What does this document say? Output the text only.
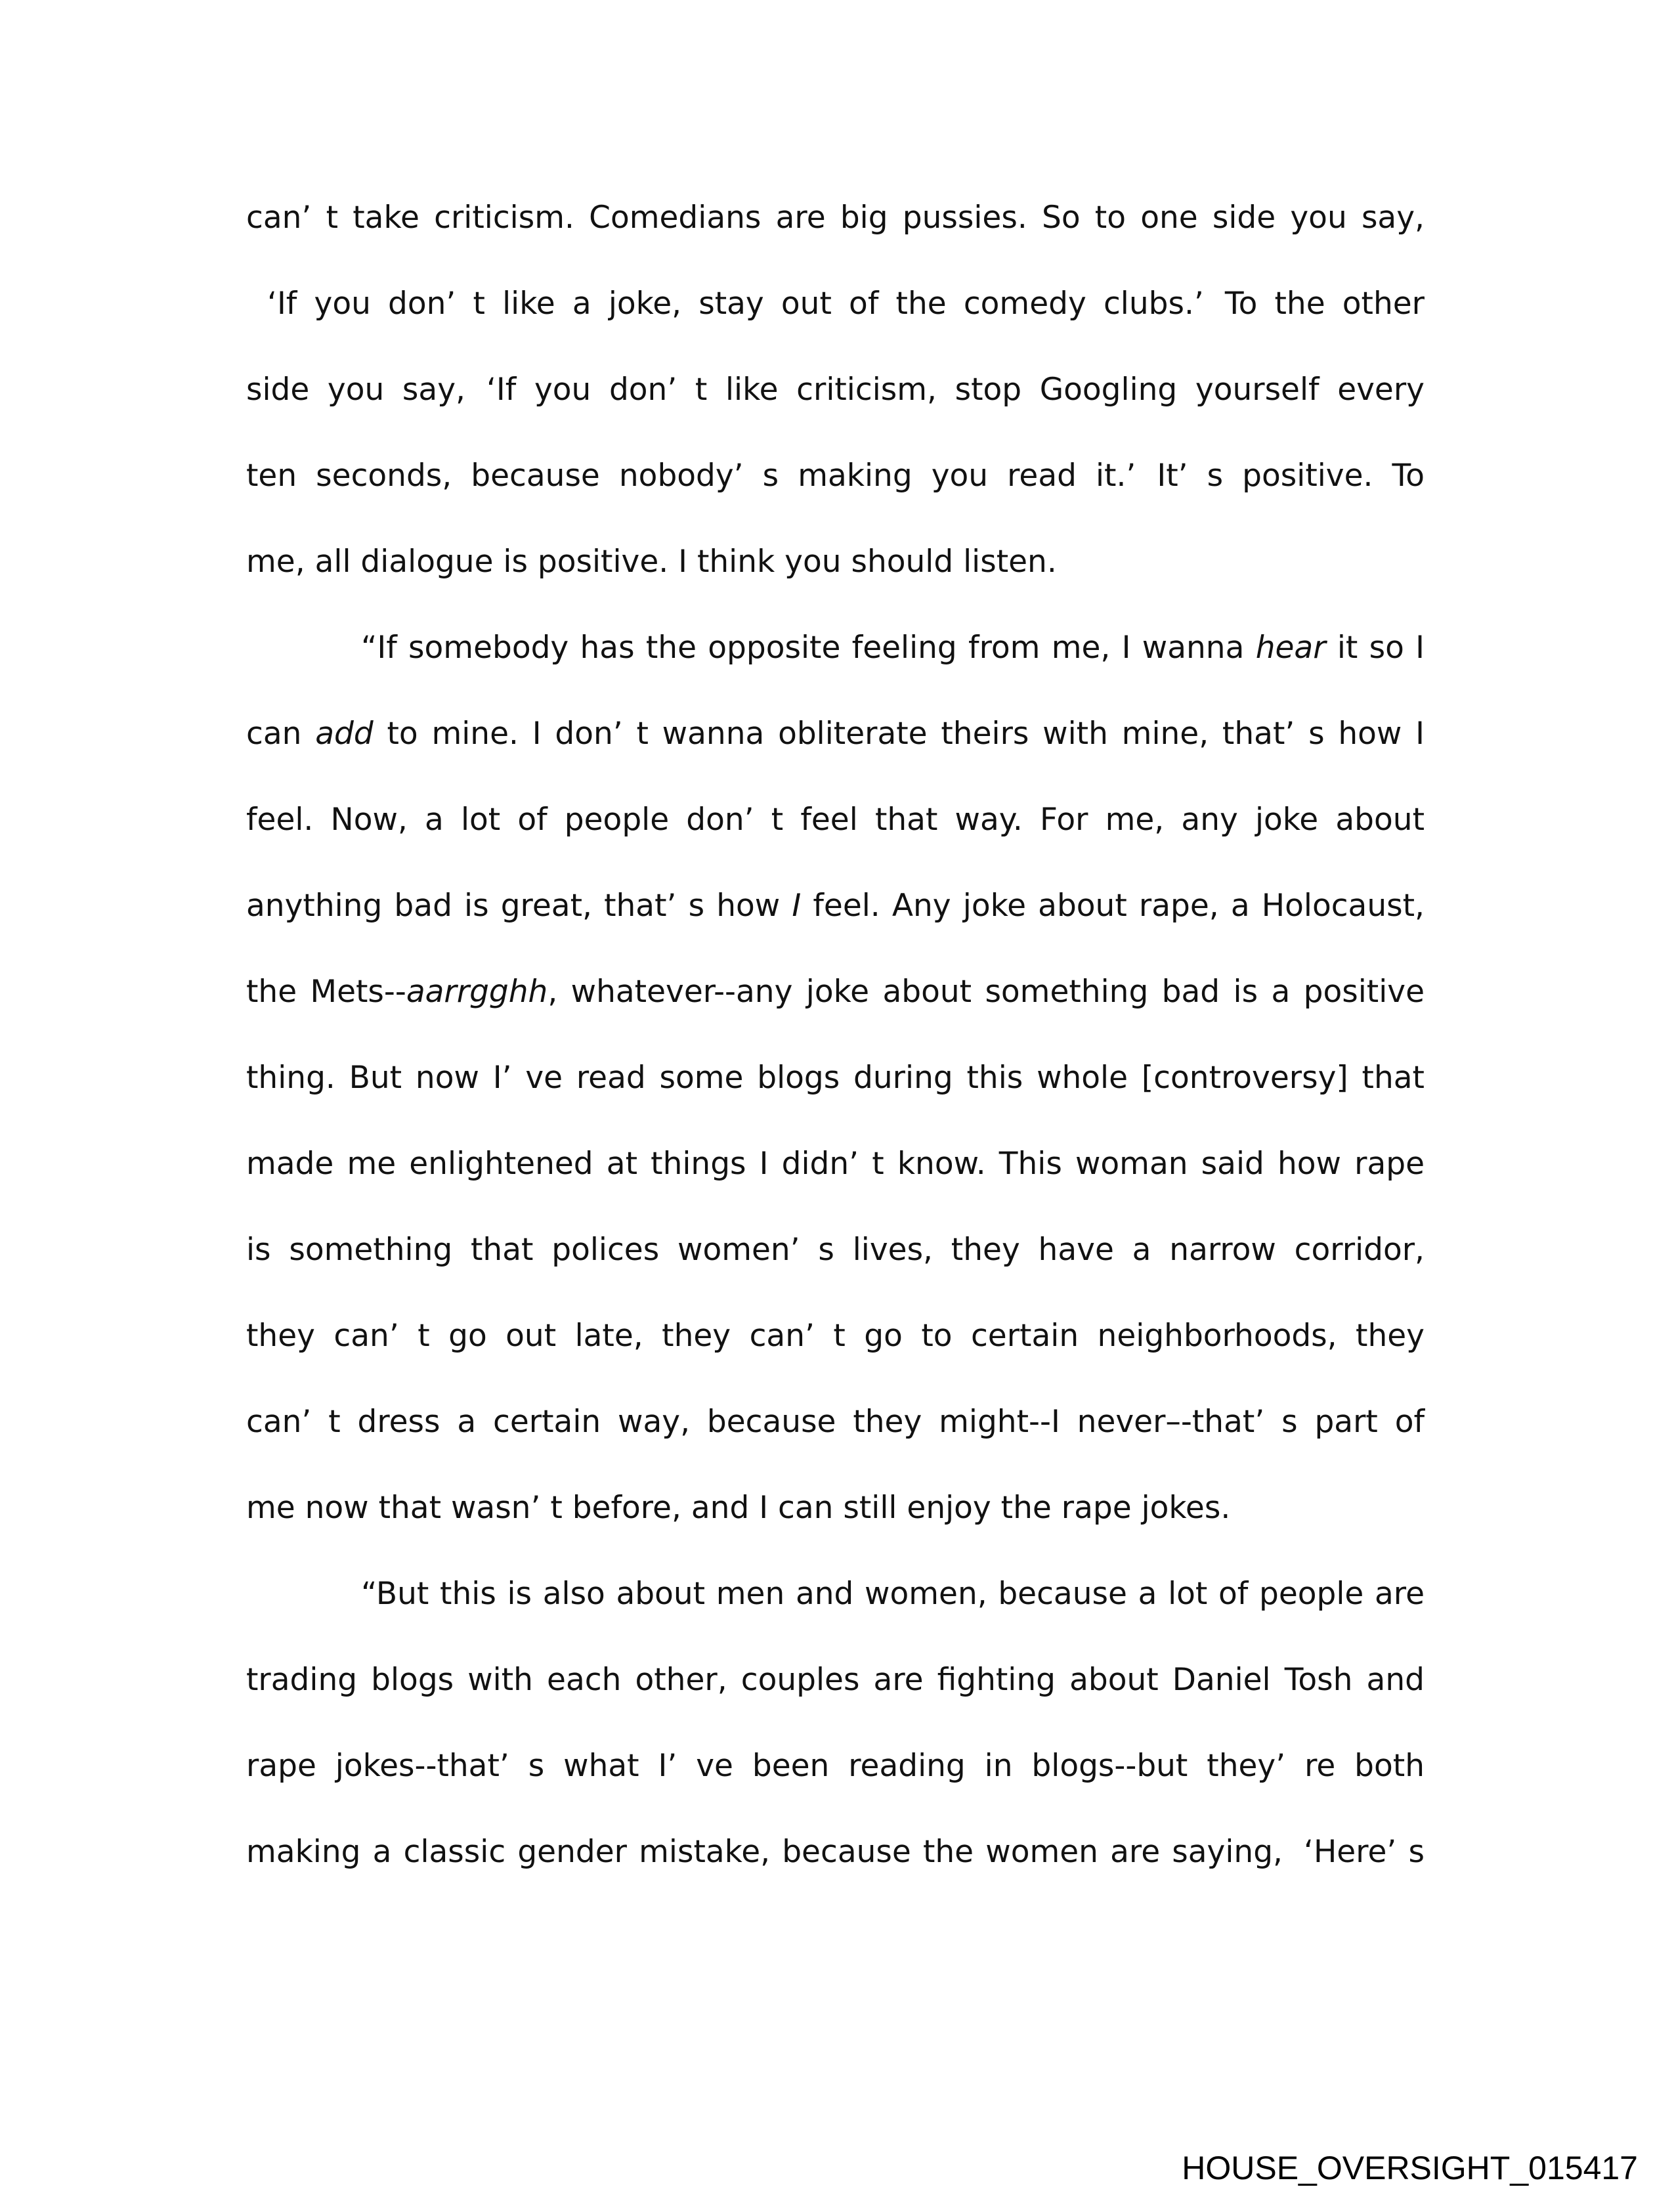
can’ t take criticism. Comedians are big pussies. So to one side you say,
‘If you don’ t like a joke, stay out of the comedy clubs.’ To the other
side you say, ‘If you don’ t like criticism, stop Googling yourself every
ten seconds, because nobody’ s making you read it.’ It’ s positive. To
me, all dialogue is positive. I think you should listen.
“If somebody has the opposite feeling from me, I wanna hear it so I
can add to mine. I don’ t wanna obliterate theirs with mine, that’ s how I
feel. Now, a lot of people don’ t feel that way. For me, any joke about
anything bad is great, that’ s how I feel. Any joke about rape, a Holocaust,
the Mets--aarrgghh, whatever--any joke about something bad is a positive
thing. But now I’ ve read some blogs during this whole [controversy] that
made me enlightened at things I didn’ t know. This woman said how rape
is something that polices women’ s lives, they have a narrow corridor,
they can’ t go out late, they can’ t go to certain neighborhoods, they
can’ t dress a certain way, because they might--I never–-that’ s part of
me now that wasn’ t before, and I can still enjoy the rape jokes.
“But this is also about men and women, because a lot of people are
trading blogs with each other, couples are fighting about Daniel Tosh and
rape jokes--that’ s what I’ ve been reading in blogs--but they’ re both
making a classic gender mistake, because the women are saying, ‘Here’ s
HOUSE_OVERSIGHT_015417
